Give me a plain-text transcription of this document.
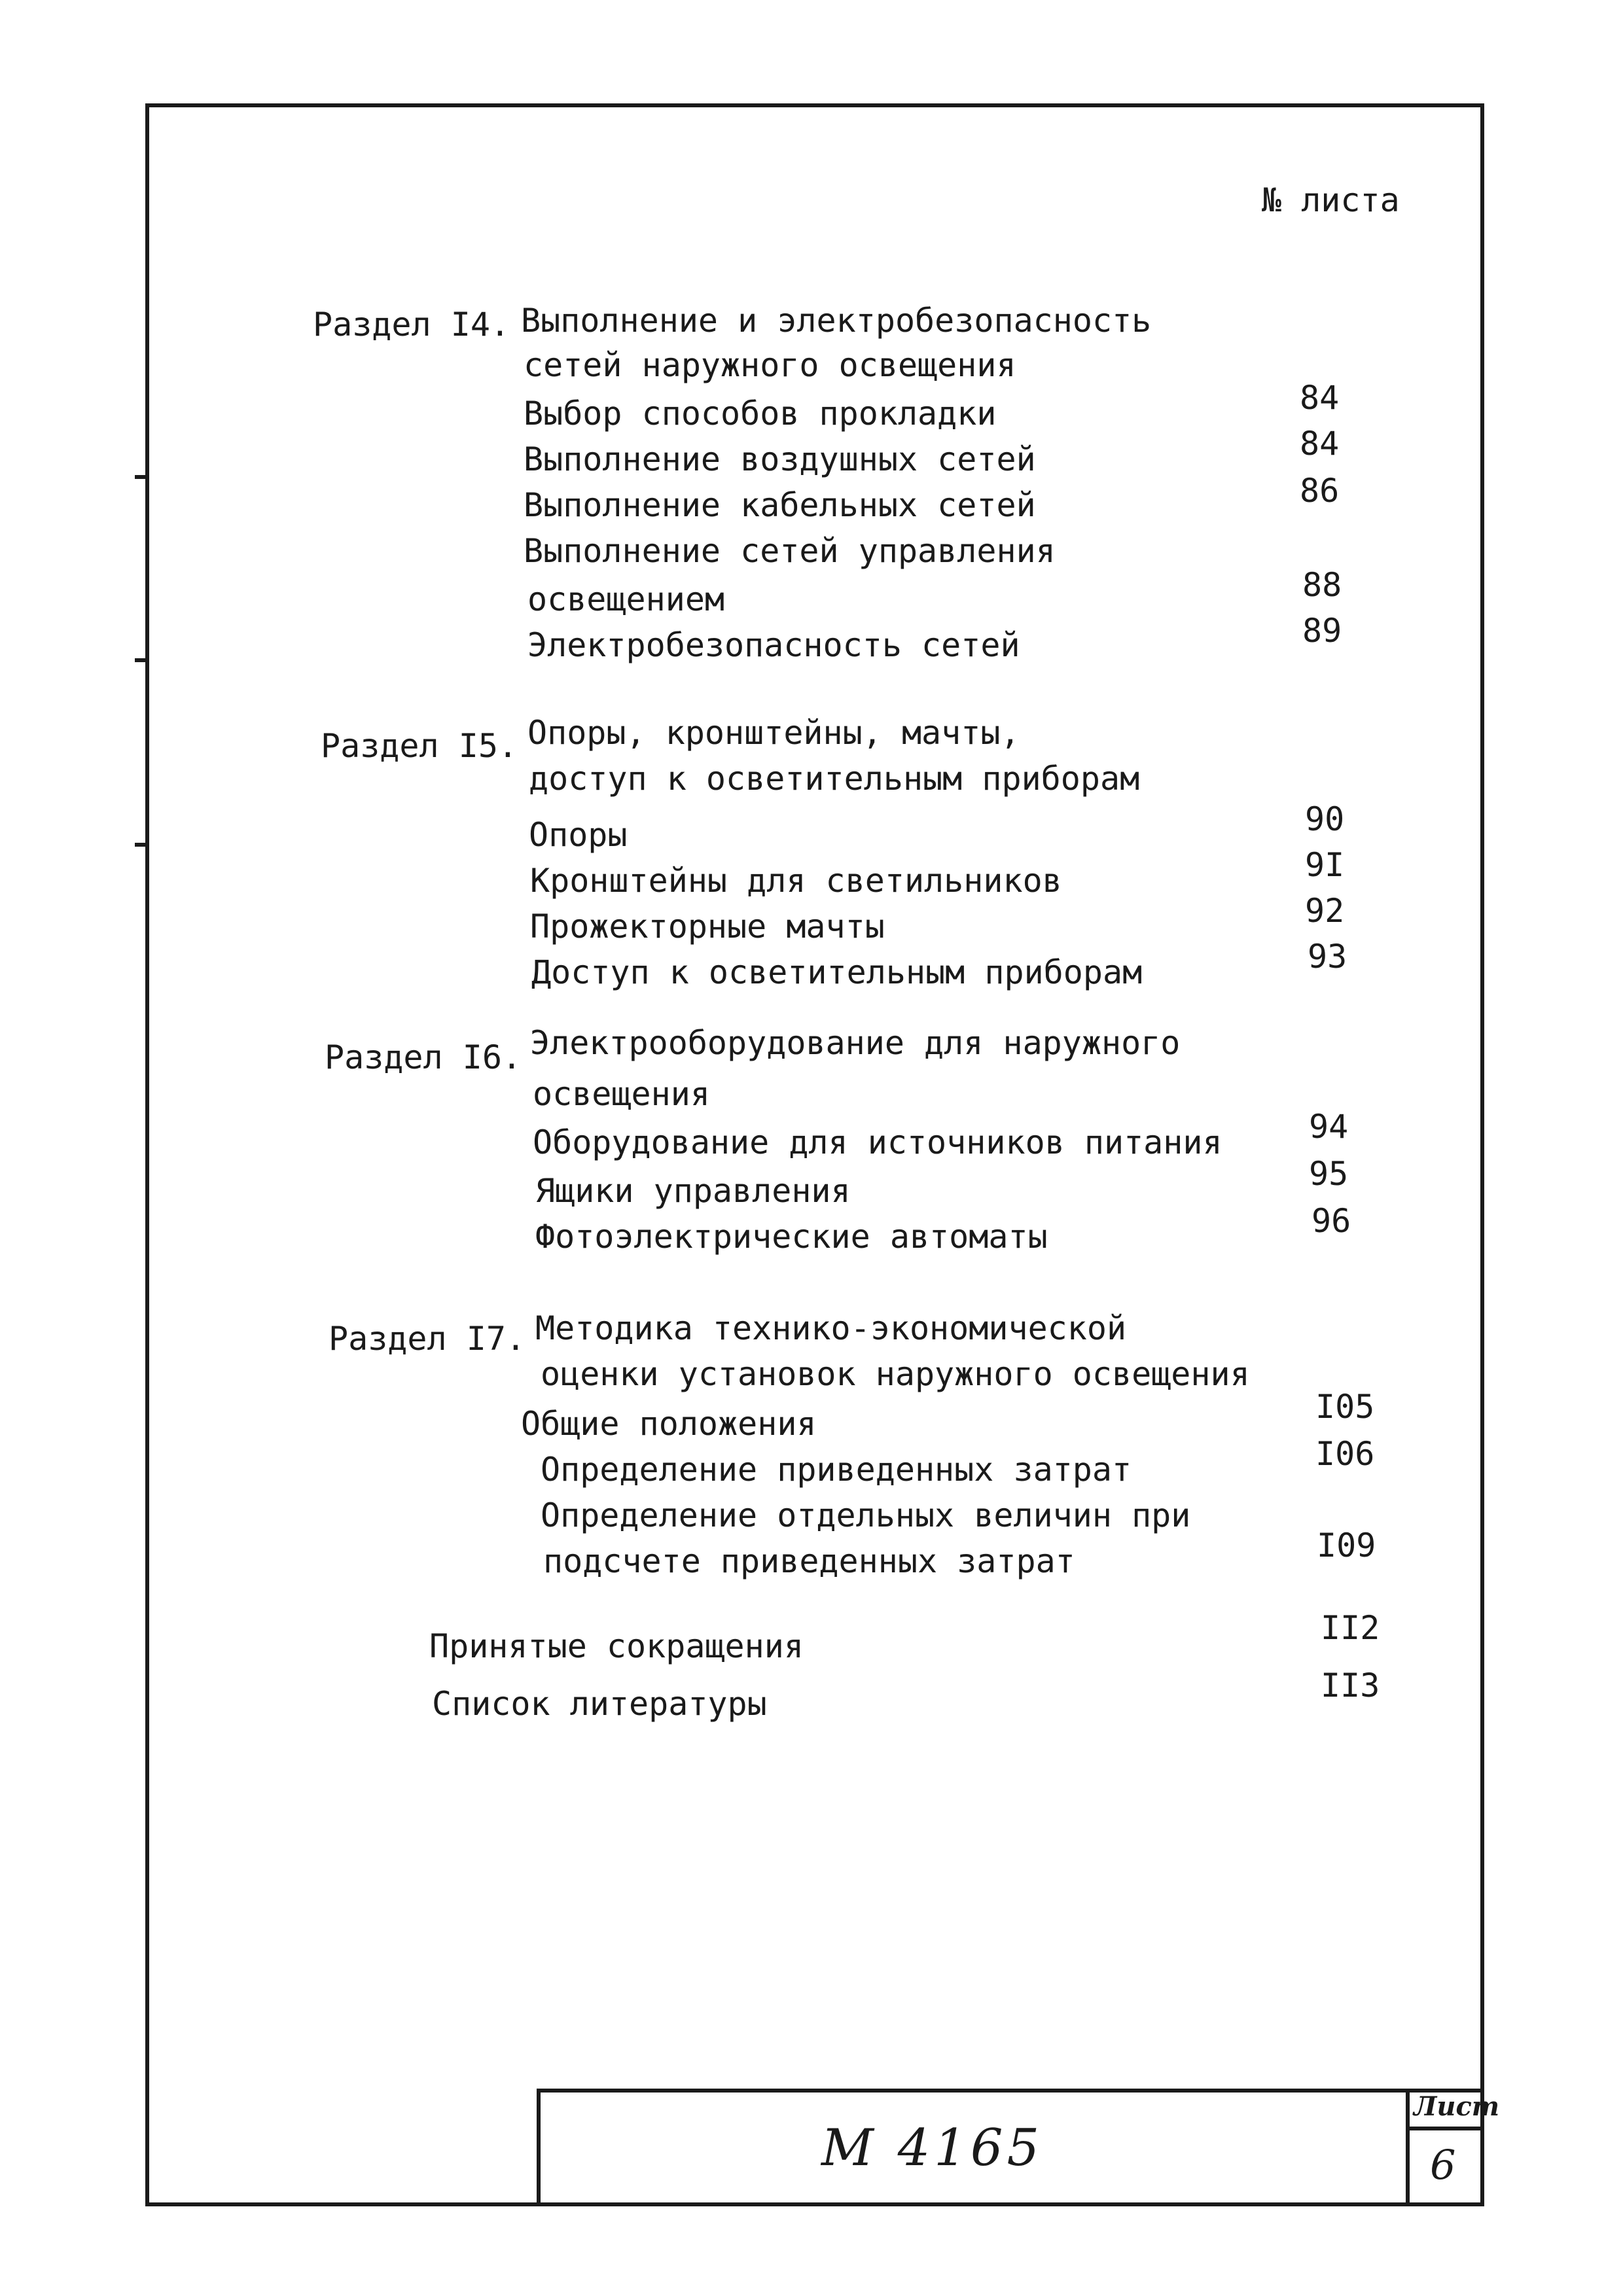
№ листа
Раздел I4. Выполнение и электробезопасность
сетей наружного освещения
Выбор способов прокладки	84
Выполнение воздушных сетей	84
Выполнение кабельных сетей	86
Выполнение сетей управления
освещением	88
Электробезопасность сетей	89
Раздел I5. Опоры, кронштейны, мачты,
доступ к осветительным приборам
Опоры	90
Кронштейны для светильников	9I
Прожекторные мачты	92
Доступ к осветительным приборам	93
Раздел I6. Электрооборудование для наружного
освещения
Оборудование для источников питания	94
Ящики управления	95
Фотоэлектрические автоматы	96
Раздел I7. Методика технико-экономической
оценки установок наружного освещения
Общие положения	I05
Определение приведенных затрат	I06
Определение отдельных величин при
подсчете приведенных затрат	I09
Принятые сокращения	II2
Список литературы	II3
М 4165
Лист
6
